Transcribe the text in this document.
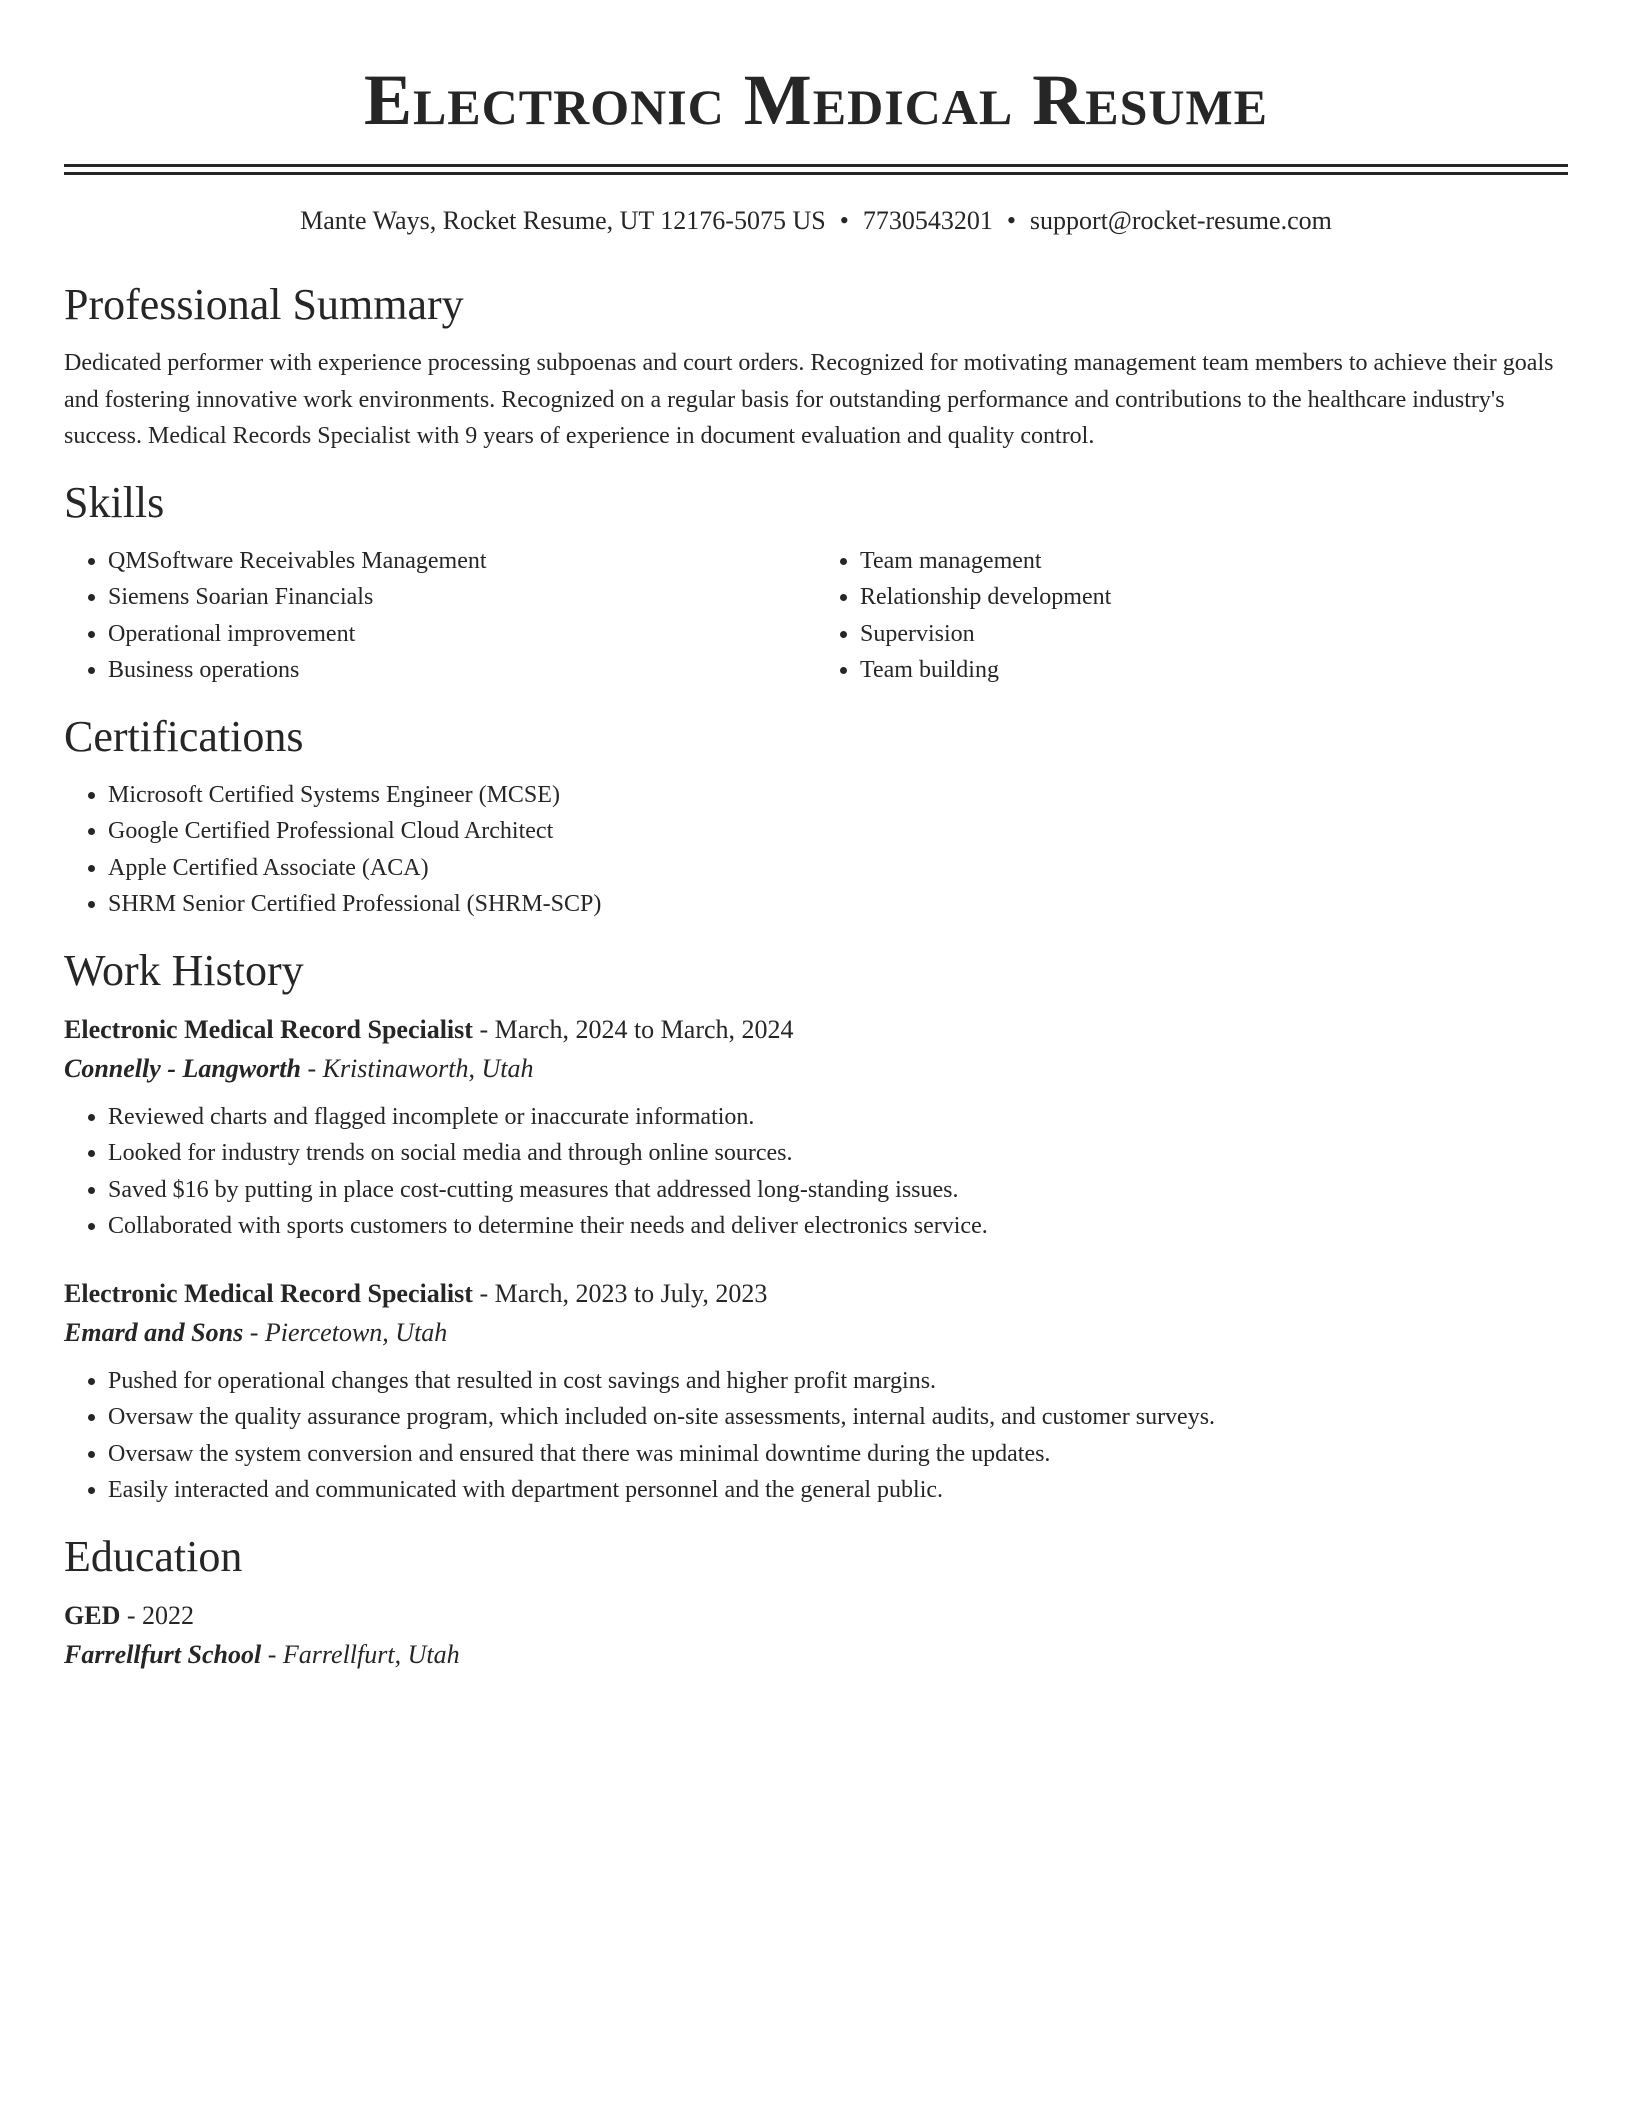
Electronic Medical Resume
Mante Ways, Rocket Resume, UT 12176-5075 US • 7730543201 • support@rocket-resume.com
Professional Summary

Dedicated performer with experience processing subpoenas and court orders. Recognized for motivating management team members to achieve their goals and fostering innovative work environments. Recognized on a regular basis for outstanding performance and contributions to the healthcare industry's success. Medical Records Specialist with 9 years of experience in document evaluation and quality control.

Skills
• QMSoftware Receivables Management
• Siemens Soarian Financials
• Operational improvement
• Business operations
• Team management
• Relationship development
• Supervision
• Team building
Certifications
• Microsoft Certified Systems Engineer (MCSE)
• Google Certified Professional Cloud Architect
• Apple Certified Associate (ACA)
• SHRM Senior Certified Professional (SHRM-SCP)
Work History
Electronic Medical Record Specialist - March, 2024 to March, 2024
Connelly - Langworth - Kristinaworth, Utah
• Reviewed charts and flagged incomplete or inaccurate information.
• Looked for industry trends on social media and through online sources.
• Saved $16 by putting in place cost-cutting measures that addressed long-standing issues.
• Collaborated with sports customers to determine their needs and deliver electronics service.
Electronic Medical Record Specialist - March, 2023 to July, 2023
Emard and Sons - Piercetown, Utah
• Pushed for operational changes that resulted in cost savings and higher profit margins.
• Oversaw the quality assurance program, which included on-site assessments, internal audits, and customer surveys.
• Oversaw the system conversion and ensured that there was minimal downtime during the updates.
• Easily interacted and communicated with department personnel and the general public.
Education
GED - 2022
Farrellfurt School - Farrellfurt, Utah
